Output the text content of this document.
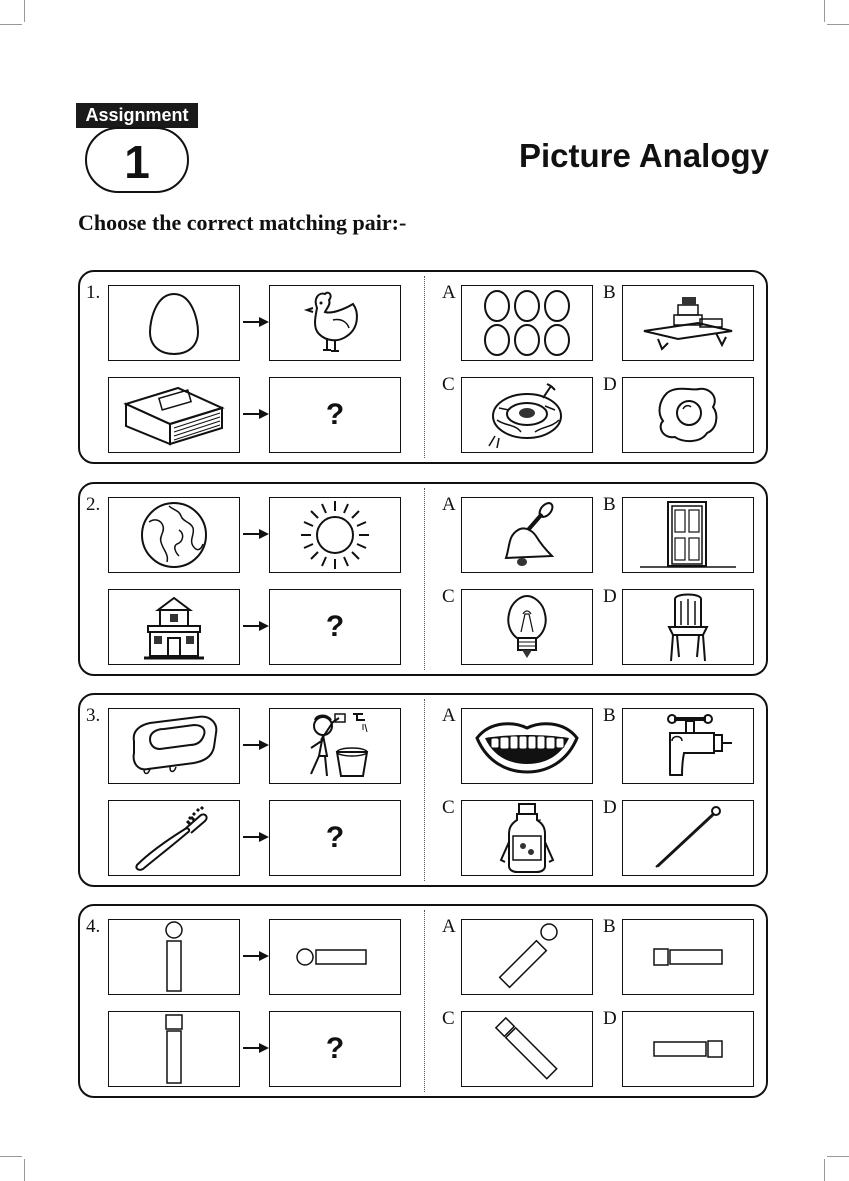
Assignment
1	Picture Analogy
Choose the correct matching pair:-
1.
?
A	B
C	D
2.
?
A	B
C	D
3.
?
A	B
C	D
4.
?
A	B
C	D
